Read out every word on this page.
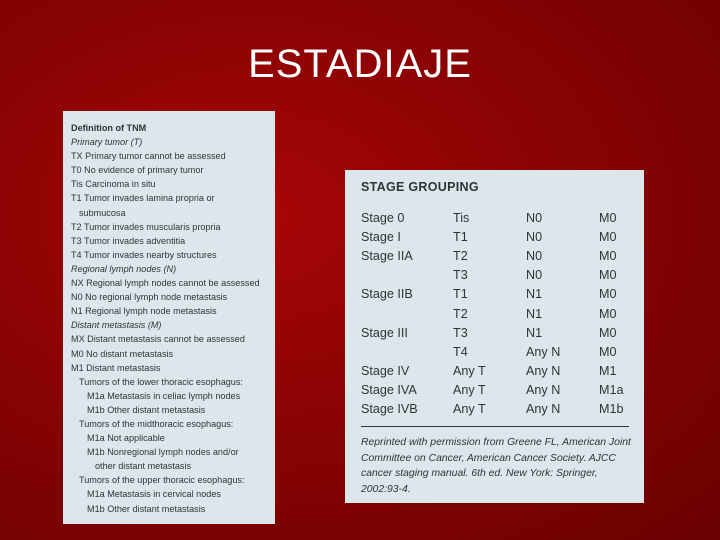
ESTADIAJE
Definition of TNM
Primary tumor (T)
TX Primary tumor cannot be assessed
T0 No evidence of primary tumor
Tis Carcinoma in situ
T1 Tumor invades lamina propria or
submucosa
T2 Tumor invades muscularis propria
T3 Tumor invades adventitia
T4 Tumor invades nearby structures
Regional lymph nodes (N)
NX Regional lymph nodes cannot be assessed
N0 No regional lymph node metastasis
N1 Regional lymph node metastasis
Distant metastasis (M)
MX Distant metastasis cannot be assessed
M0 No distant metastasis
M1 Distant metastasis
Tumors of the lower thoracic esophagus:
M1a Metastasis in celiac lymph nodes
M1b Other distant metastasis
Tumors of the midthoracic esophagus:
M1a Not applicable
M1b Nonregional lymph nodes and/or
other distant metastasis
Tumors of the upper thoracic esophagus:
M1a Metastasis in cervical nodes
M1b Other distant metastasis
STAGE GROUPING
Stage 0	Tis	N0	M0
Stage I	T1	N0	M0
Stage IIA	T2	N0	M0
	T3	N0	M0
Stage IIB	T1	N1	M0
	T2	N1	M0
Stage III	T3	N1	M0
	T4	Any N	M0
Stage IV	Any T	Any N	M1
Stage IVA	Any T	Any N	M1a
Stage IVB	Any T	Any N	M1b
Reprinted with permission from Greene FL, American Joint Committee on Cancer, American Cancer Society. AJCC cancer staging manual. 6th ed. New York: Springer, 2002:93-4.
